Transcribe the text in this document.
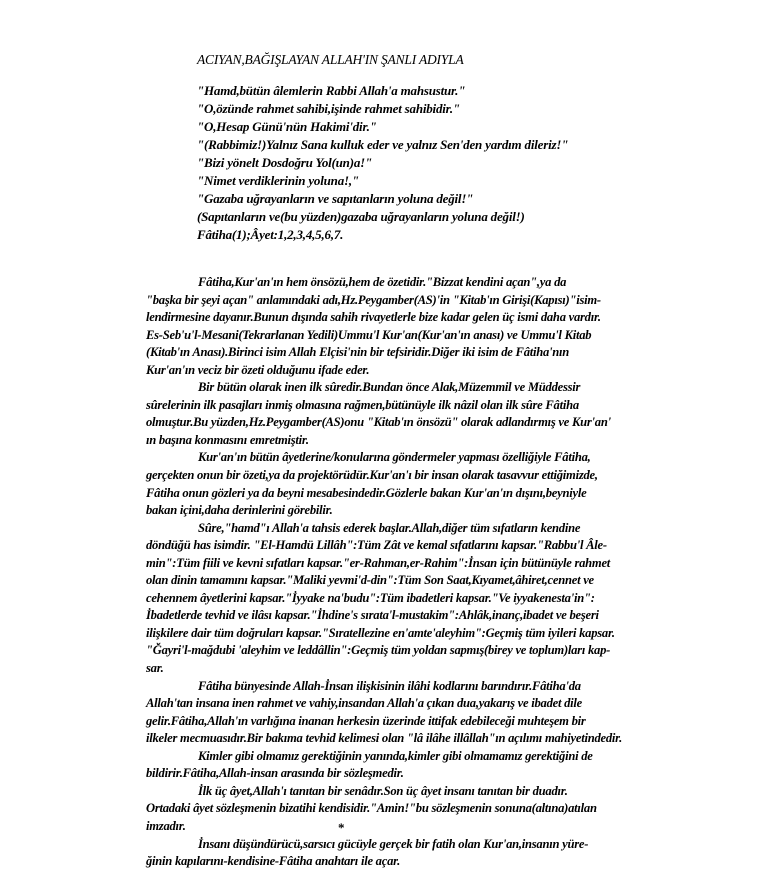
ACIYAN,BAĞIŞLAYAN ALLAH'IN ŞANLI ADIYLA
"Hamd,bütün âlemlerin Rabbi Allah'a mahsustur."
"O,özünde rahmet sahibi,işinde rahmet sahibidir."
"O,Hesap Günü'nün Hakimi'dir."
"(Rabbimiz!)Yalnız Sana kulluk eder ve yalnız Sen'den yardım dileriz!"
"Bizi yönelt Dosdoğru Yol(un)a!"
"Nimet verdiklerinin yoluna!,"
"Gazaba uğrayanların ve sapıtanların yoluna değil!"
(Sapıtanların ve(bu yüzden)gazaba uğrayanların yoluna değil!)
Fâtiha(1);Âyet:1,2,3,4,5,6,7.
Fâtiha,Kur'an'ın hem önsözü,hem de özetidir."Bizzat kendini açan",ya da
"başka bir şeyi açan" anlamındaki adı,Hz.Peygamber(AS)'in "Kitab'ın Girişi(Kapısı)"isim-
lendirmesine dayanır.Bunun dışında sahih rivayetlerle bize kadar gelen üç ismi daha vardır.
Es-Seb'u'l-Mesani(Tekrarlanan Yedili)Ummu'l Kur'an(Kur'an'ın anası) ve Ummu'l Kitab
(Kitab'ın Anası).Birinci isim Allah Elçisi'nin bir tefsiridir.Diğer iki isim de Fâtiha'nın
Kur'an'ın veciz bir özeti olduğunu ifade eder.
Bir bütün olarak inen ilk sûredir.Bundan önce Alak,Müzemmil ve Müddessir
sûrelerinin ilk pasajları inmiş olmasına rağmen,bütünüyle ilk nâzil olan ilk sûre Fâtiha
olmuştur.Bu yüzden,Hz.Peygamber(AS)onu "Kitab'ın önsözü" olarak adlandırmış ve Kur'an'
ın başına konmasını emretmiştir.
Kur'an'ın bütün âyetlerine/konularına göndermeler yapması özelliğiyle Fâtiha,
gerçekten onun bir özeti,ya da projektörüdür.Kur'an'ı bir insan olarak tasavvur ettiğimizde,
Fâtiha onun gözleri ya da beyni mesabesindedir.Gözlerle bakan Kur'an'ın dışını,beyniyle
bakan içini,daha derinlerini görebilir.
Sûre,"hamd"ı Allah'a tahsis ederek başlar.Allah,diğer tüm sıfatların kendine
döndüğü has isimdir. "El-Hamdü Lillâh":Tüm Zât ve kemal sıfatlarını kapsar."Rabbu'l Âle-
min":Tüm fiili ve kevni sıfatları kapsar."er-Rahman,er-Rahim":İnsan için bütünüyle rahmet
olan dinin tamamını kapsar."Maliki yevmi'd-din":Tüm Son Saat,Kıyamet,âhiret,cennet ve
cehennem âyetlerini kapsar."İyyake na'budu":Tüm ibadetleri kapsar."Ve iyyakenesta'in":
İbadetlerde tevhid ve ilâsı kapsar."İhdine's sırata'l-mustakim":Ahlâk,inanç,ibadet ve beşeri
ilişkilere dair tüm doğruları kapsar."Sıratellezine en'amte'aleyhim":Geçmiş tüm iyileri kapsar.
"Ğayri'l-mağdubi 'aleyhim ve leddâllin":Geçmiş tüm yoldan sapmış(birey ve toplum)ları kap-
sar.
Fâtiha bünyesinde Allah-İnsan ilişkisinin ilâhi kodlarını barındırır.Fâtiha'da
Allah'tan insana inen rahmet ve vahiy,insandan Allah'a çıkan dua,yakarış ve ibadet dile
gelir.Fâtiha,Allah'ın varlığına inanan herkesin üzerinde ittifak edebileceği muhteşem bir
ilkeler mecmuasıdır.Bir bakıma tevhid kelimesi olan "lâ ilâhe illâllah"ın açılımı mahiyetindedir.
Kimler gibi olmamız gerektiğinin yanında,kimler gibi olmamamız gerektiğini de
bildirir.Fâtiha,Allah-insan arasında bir sözleşmedir.
İlk üç âyet,Allah'ı tanıtan bir senâdır.Son üç âyet insanı tanıtan bir duadır.
Ortadaki âyet sözleşmenin bizatihi kendisidir."Amin!"bu sözleşmenin sonuna(altına)atılan
imzadır.
İnsanı düşündürücü,sarsıcı gücüyle gerçek bir fatih olan Kur'an,insanın yüre-
ğinin kapılarını-kendisine-Fâtiha anahtarı ile açar.
*
